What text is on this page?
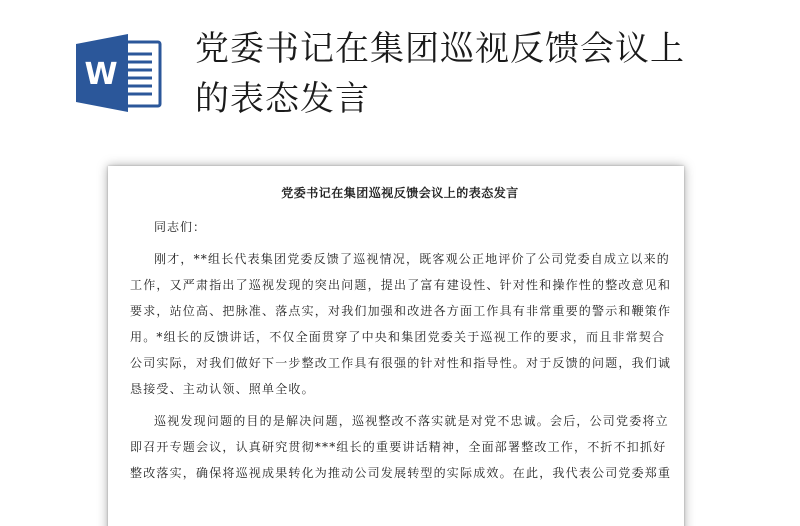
W
党委书记在集团巡视反馈会议上
的表态发言
党委书记在集团巡视反馈会议上的表态发言
同志们：
刚才，**组长代表集团党委反馈了巡视情况，既客观公正地评价了公司党委自成立以来的
工作，又严肃指出了巡视发现的突出问题，提出了富有建设性、针对性和操作性的整改意见和
要求，站位高、把脉准、落点实，对我们加强和改进各方面工作具有非常重要的警示和鞭策作
用。*组长的反馈讲话，不仅全面贯穿了中央和集团党委关于巡视工作的要求，而且非常契合
公司实际，对我们做好下一步整改工作具有很强的针对性和指导性。对于反馈的问题，我们诚
恳接受、主动认领、照单全收。
巡视发现问题的目的是解决问题，巡视整改不落实就是对党不忠诚。会后，公司党委将立
即召开专题会议，认真研究贯彻***组长的重要讲话精神，全面部署整改工作，不折不扣抓好
整改落实，确保将巡视成果转化为推动公司发展转型的实际成效。在此，我代表公司党委郑重
